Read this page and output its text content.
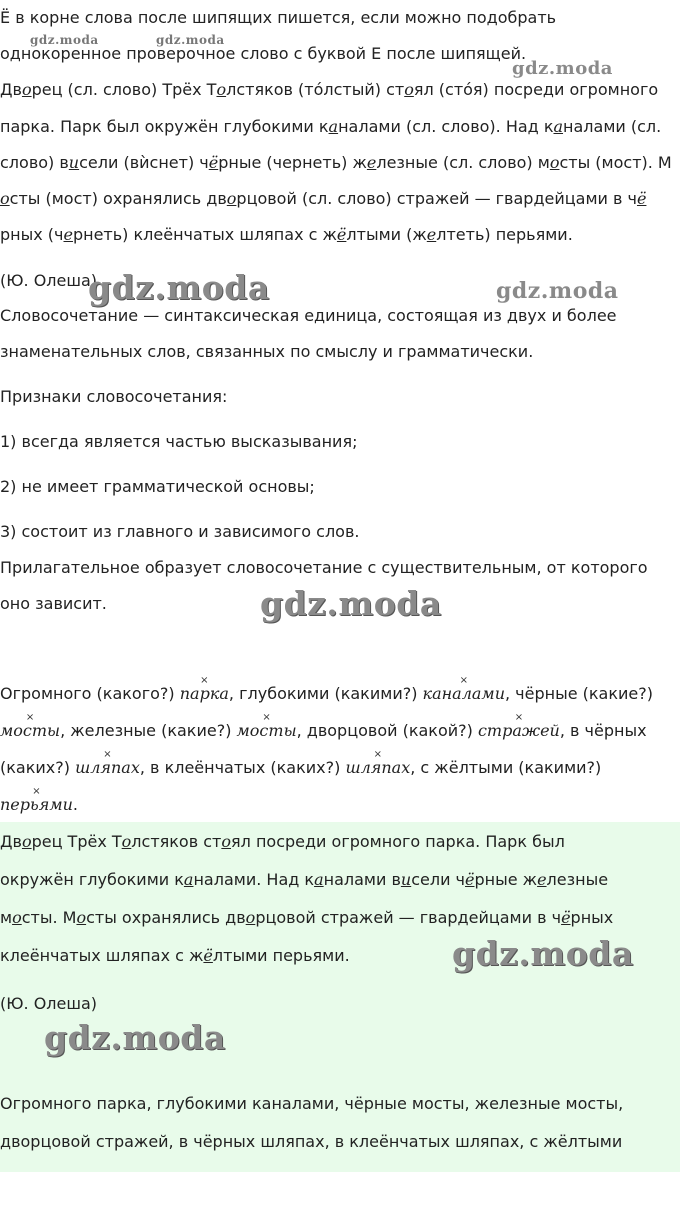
Ё в корне слова после шипящих пишется, если можно подобрать
gdz.moda	gdz.moda
однокоренное проверочное слово с буквой Е после шипящей.
gdz.moda
Дворец (сл. слово) Трёх Толстяков (тóлстый) стоял (стóя) посреди огромного
парка. Парк был окружён глубокими каналами (сл. слово). Над каналами (сл.
слово) висели (вѝснет) чёрные (чернеть) железные (сл. слово) мосты (мост). М
осты (мост) охранялись дворцовой (сл. слово) стражей — гвардейцами в чё
рных (чернеть) клеёнчатых шляпах с жёлтыми (желтеть) перьями.
(Ю. Олеша)
gdz.moda	gdz.moda
Словосочетание — синтаксическая единица, состоящая из двух и более
знаменательных слов, связанных по смыслу и грамматически.
Признаки словосочетания:
1) всегда является частью высказывания;
2) не имеет грамматической основы;
3) состоит из главного и зависимого слов.
Прилагательное образует словосочетание с существительным, от которого
оно зависит.	gdz.moda
Огромного (какого?) × парка, глубокими (какими?) × каналами, чёрные (какие?)
× мосты, железные (какие?) × мосты, дворцовой (какой?) × стражей, в чёрных
(каких?) × шляпах, в клеёнчатых (каких?) × шляпах, с жёлтыми (какими?)
× перьями.
Дворец Трёх Толстяков стоял посреди огромного парка. Парк был
окружён глубокими каналами. Над каналами висели чёрные железные
мосты. Мосты охранялись дворцовой стражей — гвардейцами в чёрных
клеёнчатых шляпах с жёлтыми перьями.	gdz.moda
(Ю. Олеша)
gdz.moda
Огромного парка, глубокими каналами, чёрные мосты, железные мосты,
дворцовой стражей, в чёрных шляпах, в клеёнчатых шляпах, с жёлтыми
